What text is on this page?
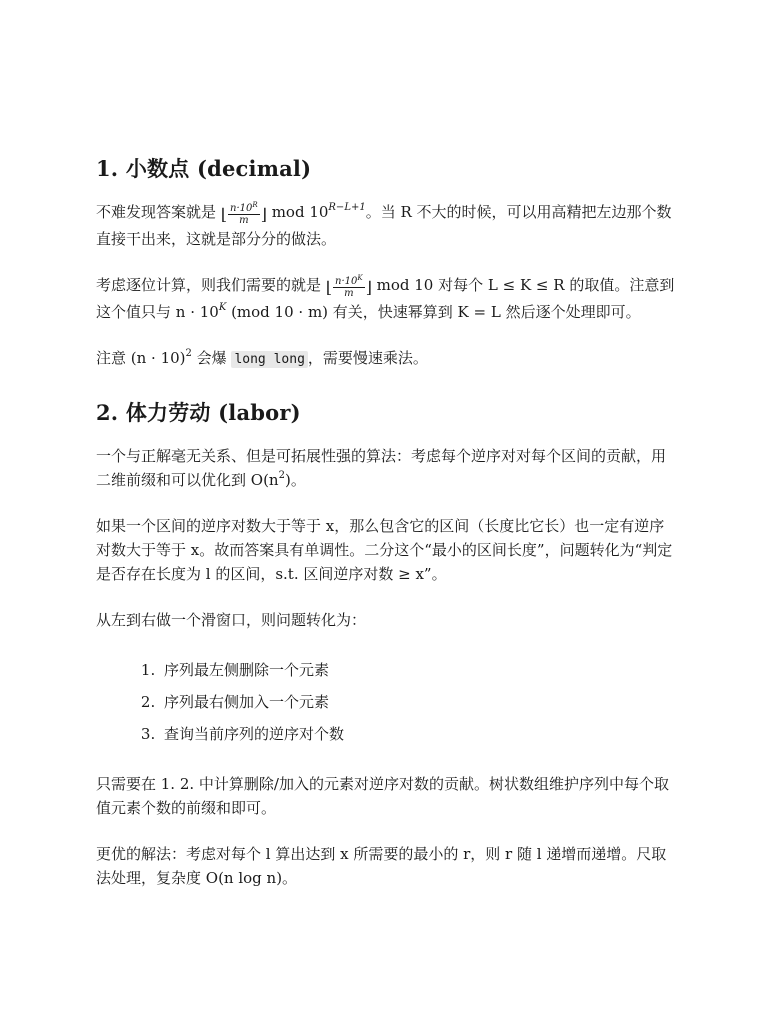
1. 小数点 (decimal)

不难发现答案就是 ⌊ $\frac{n\cdot 10^R}{m}$ ⌋ mod $10^{R-L+1}$。当 R 不大的时候，可以用高精把左边那个数直接干出来，这就是部分分的做法。

考虑逐位计算，则我们需要的就是 ⌊ $\frac{n\cdot 10^K}{m}$ ⌋ mod 10 对每个 L ≤ K ≤ R 的取值。注意到这个值只与 $n \cdot 10^K$ (mod 10 · m) 有关，快速幂算到 K = L 然后逐个处理即可。

注意 $(n \cdot 10)^2$ 会爆 long long ，需要慢速乘法。

2. 体力劳动 (labor)

一个与正解毫无关系、但是可拓展性强的算法：考虑每个逆序对对每个区间的贡献，用二维前缀和可以优化到 $O(n^2)$。

如果一个区间的逆序对数大于等于 x，那么包含它的区间（长度比它长）也一定有逆序对数大于等于 x。故而答案具有单调性。二分这个“最小的区间长度”，问题转化为“判定是否存在长度为 l 的区间，s.t. 区间逆序对数 ≥ x”。

从左到右做一个滑窗口，则问题转化为：

1. 序列最左侧删除一个元素
2. 序列最右侧加入一个元素
3. 查询当前序列的逆序对个数

只需要在 1. 2. 中计算删除/加入的元素对逆序对数的贡献。树状数组维护序列中每个取值元素个数的前缀和即可。

更优的解法：考虑对每个 l 算出达到 x 所需要的最小的 r，则 r 随 l 递增而递增。尺取法处理，复杂度 O(n log n)。
